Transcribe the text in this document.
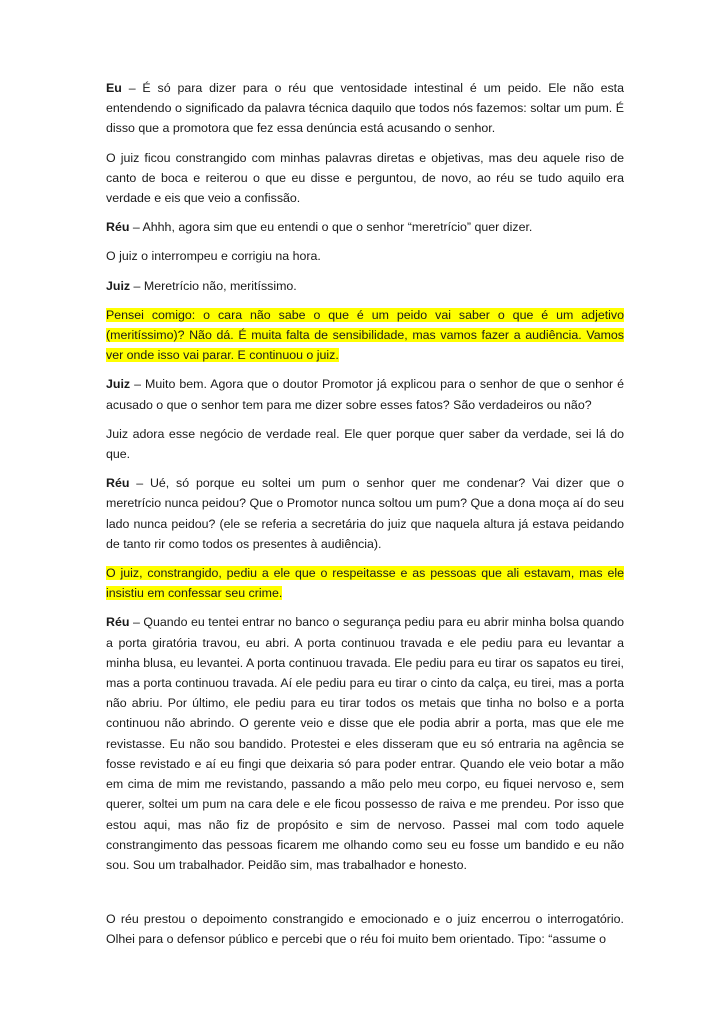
Eu – É só para dizer para o réu que ventosidade intestinal é um peido. Ele não esta entendendo o significado da palavra técnica daquilo que todos nós fazemos: soltar um pum. É disso que a promotora que fez essa denúncia está acusando o senhor.

O juiz ficou constrangido com minhas palavras diretas e objetivas, mas deu aquele riso de canto de boca e reiterou o que eu disse e perguntou, de novo, ao réu se tudo aquilo era verdade e eis que veio a confissão.

Réu – Ahhh, agora sim que eu entendi o que o senhor “meretrício” quer dizer.

O juiz o interrompeu e corrigiu na hora.

Juiz – Meretrício não, meritíssimo.

Pensei comigo: o cara não sabe o que é um peido vai saber o que é um adjetivo (meritíssimo)? Não dá. É muita falta de sensibilidade, mas vamos fazer a audiência. Vamos ver onde isso vai parar. E continuou o juiz.

Juiz – Muito bem. Agora que o doutor Promotor já explicou para o senhor de que o senhor é acusado o que o senhor tem para me dizer sobre esses fatos? São verdadeiros ou não?

Juiz adora esse negócio de verdade real. Ele quer porque quer saber da verdade, sei lá do que.

Réu – Ué, só porque eu soltei um pum o senhor quer me condenar? Vai dizer que o meretrício nunca peidou? Que o Promotor nunca soltou um pum? Que a dona moça aí do seu lado nunca peidou? (ele se referia a secretária do juiz que naquela altura já estava peidando de tanto rir como todos os presentes à audiência).

O juiz, constrangido, pediu a ele que o respeitasse e as pessoas que ali estavam, mas ele insistiu em confessar seu crime.

Réu – Quando eu tentei entrar no banco o segurança pediu para eu abrir minha bolsa quando a porta giratória travou, eu abri. A porta continuou travada e ele pediu para eu levantar a minha blusa, eu levantei. A porta continuou travada. Ele pediu para eu tirar os sapatos eu tirei, mas a porta continuou travada. Aí ele pediu para eu tirar o cinto da calça, eu tirei, mas a porta não abriu. Por último, ele pediu para eu tirar todos os metais que tinha no bolso e a porta continuou não abrindo. O gerente veio e disse que ele podia abrir a porta, mas que ele me revistasse. Eu não sou bandido. Protestei e eles disseram que eu só entraria na agência se fosse revistado e aí eu fingi que deixaria só para poder entrar. Quando ele veio botar a mão em cima de mim me revistando, passando a mão pelo meu corpo, eu fiquei nervoso e, sem querer, soltei um pum na cara dele e ele ficou possesso de raiva e me prendeu. Por isso que estou aqui, mas não fiz de propósito e sim de nervoso. Passei mal com todo aquele constrangimento das pessoas ficarem me olhando como seu eu fosse um bandido e eu não sou. Sou um trabalhador. Peidão sim, mas trabalhador e honesto.

O réu prestou o depoimento constrangido e emocionado e o juiz encerrou o interrogatório. Olhei para o defensor público e percebi que o réu foi muito bem orientado. Tipo: “assume o
